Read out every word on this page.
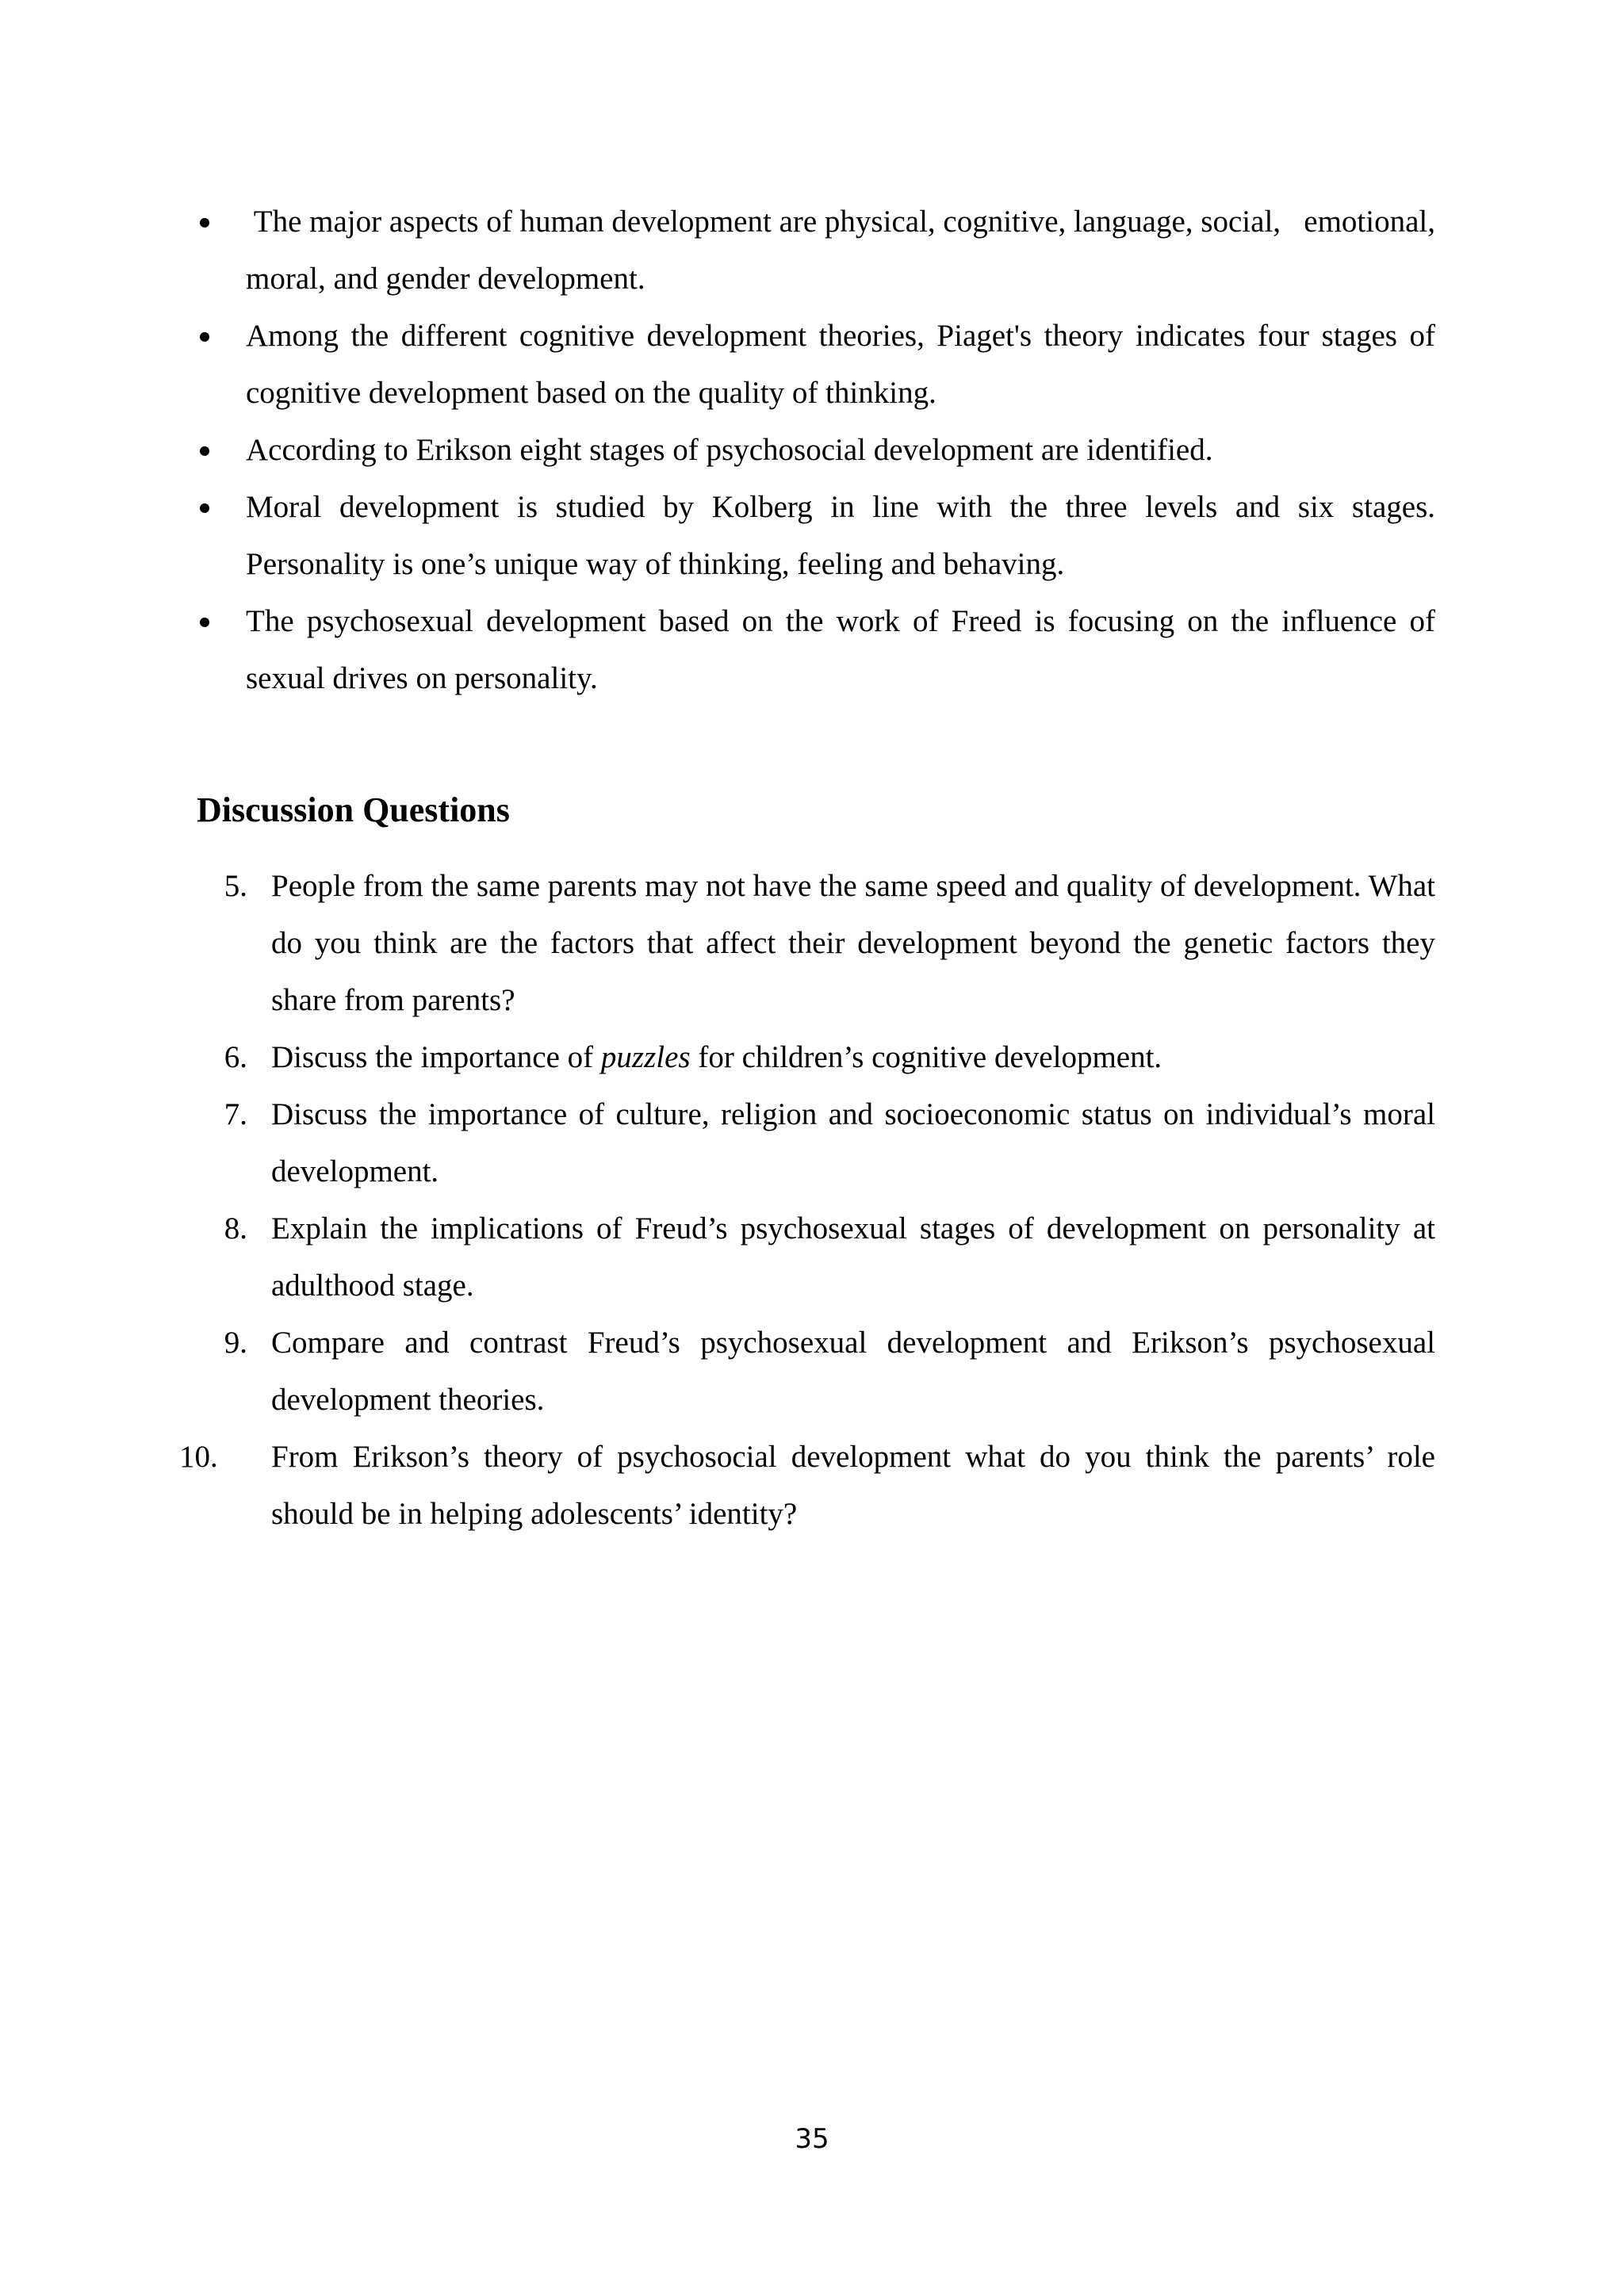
The major aspects of human development are physical, cognitive, language, social,   emotional, moral, and gender development.
Among the different cognitive development theories, Piaget's theory indicates four stages of cognitive development based on the quality of thinking.
According to Erikson eight stages of psychosocial development are identified.
Moral development is studied by Kolberg in line with the three levels and six stages.  Personality is one’s unique way of thinking, feeling and behaving.
The psychosexual development based on the work of Freed is focusing on the influence of sexual drives on personality.
Discussion Questions
5. People from the same parents may not have the same speed and quality of development. What do you think are the factors that affect their development beyond the genetic factors they share from parents?
6. Discuss the importance of puzzles for children’s cognitive development.
7. Discuss the importance of culture, religion and socioeconomic status on individual’s moral development.
8. Explain the implications of Freud’s psychosexual stages of development on personality at adulthood stage.
9. Compare and contrast Freud’s psychosexual development and Erikson’s psychosexual development theories.
10.	From Erikson’s theory of psychosocial development what do you think the parents’ role should be in helping adolescents’ identity?
35
